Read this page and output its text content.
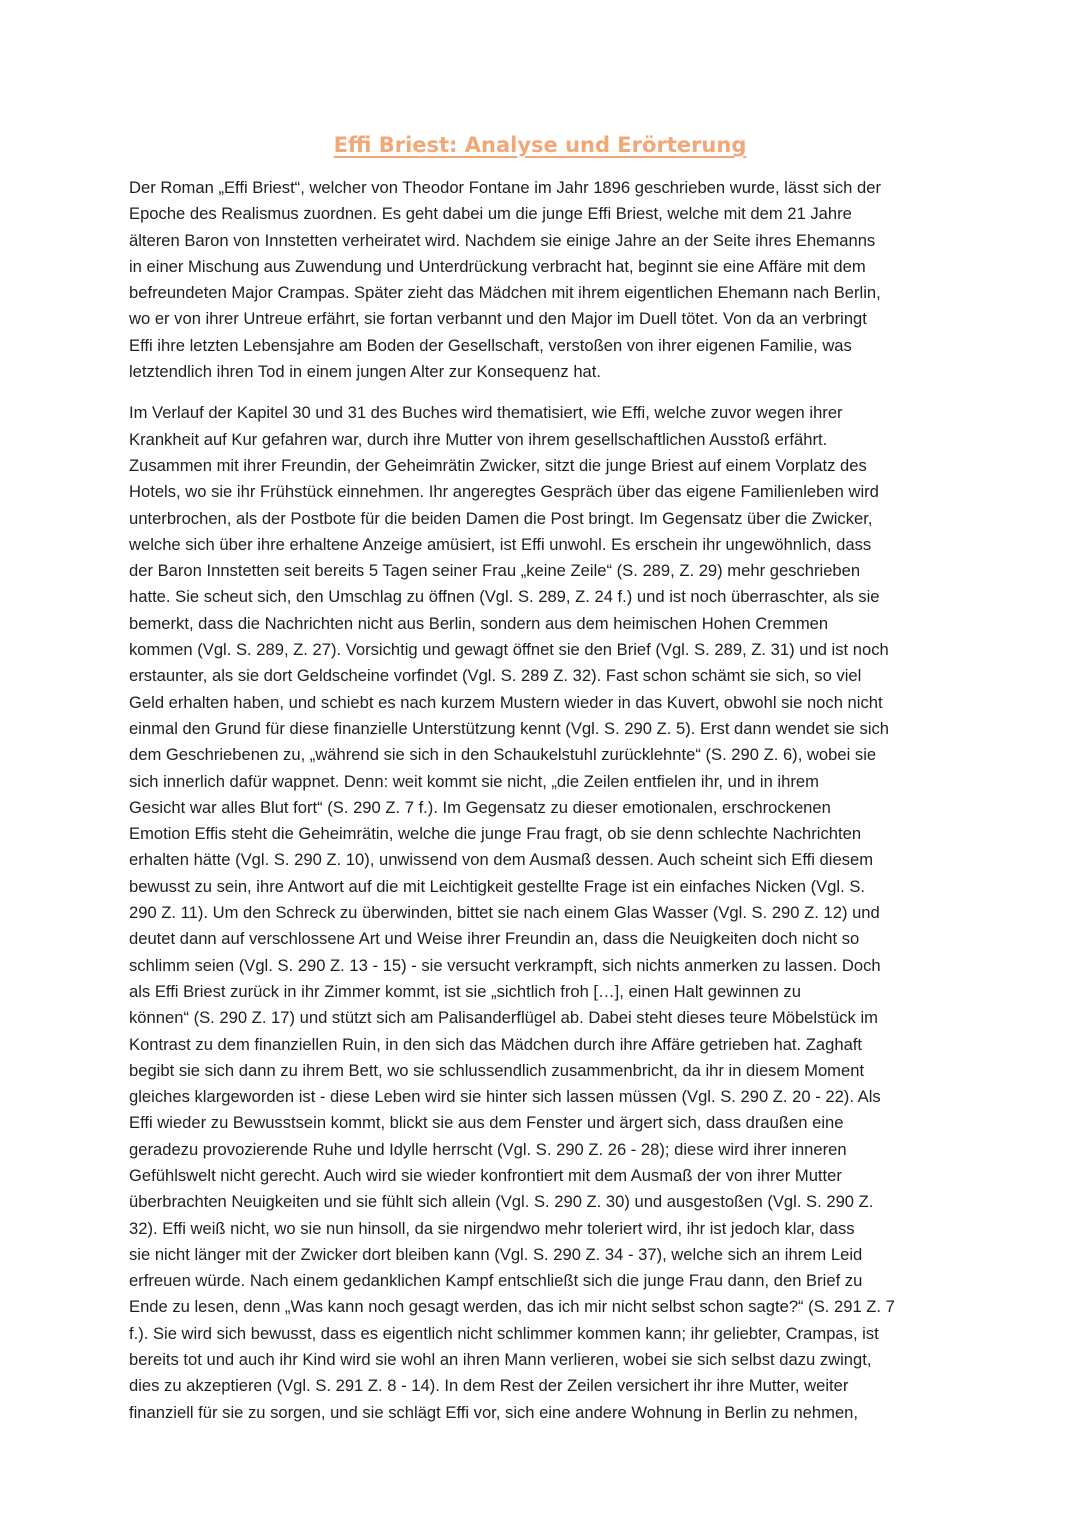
Effi Briest: Analyse und Erörterung

Der Roman „Effi Briest“, welcher von Theodor Fontane im Jahr 1896 geschrieben wurde, lässt sich der
Epoche des Realismus zuordnen. Es geht dabei um die junge Effi Briest, welche mit dem 21 Jahre
älteren Baron von Innstetten verheiratet wird. Nachdem sie einige Jahre an der Seite ihres Ehemanns
in einer Mischung aus Zuwendung und Unterdrückung verbracht hat, beginnt sie eine Affäre mit dem
befreundeten Major Crampas. Später zieht das Mädchen mit ihrem eigentlichen Ehemann nach Berlin,
wo er von ihrer Untreue erfährt, sie fortan verbannt und den Major im Duell tötet. Von da an verbringt
Effi ihre letzten Lebensjahre am Boden der Gesellschaft, verstoßen von ihrer eigenen Familie, was
letztendlich ihren Tod in einem jungen Alter zur Konsequenz hat.

Im Verlauf der Kapitel 30 und 31 des Buches wird thematisiert, wie Effi, welche zuvor wegen ihrer
Krankheit auf Kur gefahren war, durch ihre Mutter von ihrem gesellschaftlichen Ausstoß erfährt.
Zusammen mit ihrer Freundin, der Geheimrätin Zwicker, sitzt die junge Briest auf einem Vorplatz des
Hotels, wo sie ihr Frühstück einnehmen. Ihr angeregtes Gespräch über das eigene Familienleben wird
unterbrochen, als der Postbote für die beiden Damen die Post bringt. Im Gegensatz über die Zwicker,
welche sich über ihre erhaltene Anzeige amüsiert, ist Effi unwohl. Es erschein ihr ungewöhnlich, dass
der Baron Innstetten seit bereits 5 Tagen seiner Frau „keine Zeile“ (S. 289, Z. 29) mehr geschrieben
hatte. Sie scheut sich, den Umschlag zu öffnen (Vgl. S. 289, Z. 24 f.) und ist noch überraschter, als sie
bemerkt, dass die Nachrichten nicht aus Berlin, sondern aus dem heimischen Hohen Cremmen
kommen (Vgl. S. 289, Z. 27). Vorsichtig und gewagt öffnet sie den Brief (Vgl. S. 289, Z. 31) und ist noch
erstaunter, als sie dort Geldscheine vorfindet (Vgl. S. 289 Z. 32). Fast schon schämt sie sich, so viel
Geld erhalten haben, und schiebt es nach kurzem Mustern wieder in das Kuvert, obwohl sie noch nicht
einmal den Grund für diese finanzielle Unterstützung kennt (Vgl. S. 290 Z. 5). Erst dann wendet sie sich
dem Geschriebenen zu, „während sie sich in den Schaukelstuhl zurücklehnte“ (S. 290 Z. 6), wobei sie
sich innerlich dafür wappnet. Denn: weit kommt sie nicht, „die Zeilen entfielen ihr, und in ihrem
Gesicht war alles Blut fort“ (S. 290 Z. 7 f.). Im Gegensatz zu dieser emotionalen, erschrockenen
Emotion Effis steht die Geheimrätin, welche die junge Frau fragt, ob sie denn schlechte Nachrichten
erhalten hätte (Vgl. S. 290 Z. 10), unwissend von dem Ausmaß dessen. Auch scheint sich Effi diesem
bewusst zu sein, ihre Antwort auf die mit Leichtigkeit gestellte Frage ist ein einfaches Nicken (Vgl. S.
290 Z. 11). Um den Schreck zu überwinden, bittet sie nach einem Glas Wasser (Vgl. S. 290 Z. 12) und
deutet dann auf verschlossene Art und Weise ihrer Freundin an, dass die Neuigkeiten doch nicht so
schlimm seien (Vgl. S. 290 Z. 13 - 15) - sie versucht verkrampft, sich nichts anmerken zu lassen. Doch
als Effi Briest zurück in ihr Zimmer kommt, ist sie „sichtlich froh […], einen Halt gewinnen zu
können“ (S. 290 Z. 17) und stützt sich am Palisanderflügel ab. Dabei steht dieses teure Möbelstück im
Kontrast zu dem finanziellen Ruin, in den sich das Mädchen durch ihre Affäre getrieben hat. Zaghaft
begibt sie sich dann zu ihrem Bett, wo sie schlussendlich zusammenbricht, da ihr in diesem Moment
gleiches klargeworden ist - diese Leben wird sie hinter sich lassen müssen (Vgl. S. 290 Z. 20 - 22). Als
Effi wieder zu Bewusstsein kommt, blickt sie aus dem Fenster und ärgert sich, dass draußen eine
geradezu provozierende Ruhe und Idylle herrscht (Vgl. S. 290 Z. 26 - 28); diese wird ihrer inneren
Gefühlswelt nicht gerecht. Auch wird sie wieder konfrontiert mit dem Ausmaß der von ihrer Mutter
überbrachten Neuigkeiten und sie fühlt sich allein (Vgl. S. 290 Z. 30) und ausgestoßen (Vgl. S. 290 Z.
32). Effi weiß nicht, wo sie nun hinsoll, da sie nirgendwo mehr toleriert wird, ihr ist jedoch klar, dass
sie nicht länger mit der Zwicker dort bleiben kann (Vgl. S. 290 Z. 34 - 37), welche sich an ihrem Leid
erfreuen würde. Nach einem gedanklichen Kampf entschließt sich die junge Frau dann, den Brief zu
Ende zu lesen, denn „Was kann noch gesagt werden, das ich mir nicht selbst schon sagte?“ (S. 291 Z. 7
f.). Sie wird sich bewusst, dass es eigentlich nicht schlimmer kommen kann; ihr geliebter, Crampas, ist
bereits tot und auch ihr Kind wird sie wohl an ihren Mann verlieren, wobei sie sich selbst dazu zwingt,
dies zu akzeptieren (Vgl. S. 291 Z. 8 - 14). In dem Rest der Zeilen versichert ihr ihre Mutter, weiter
finanziell für sie zu sorgen, und sie schlägt Effi vor, sich eine andere Wohnung in Berlin zu nehmen,
